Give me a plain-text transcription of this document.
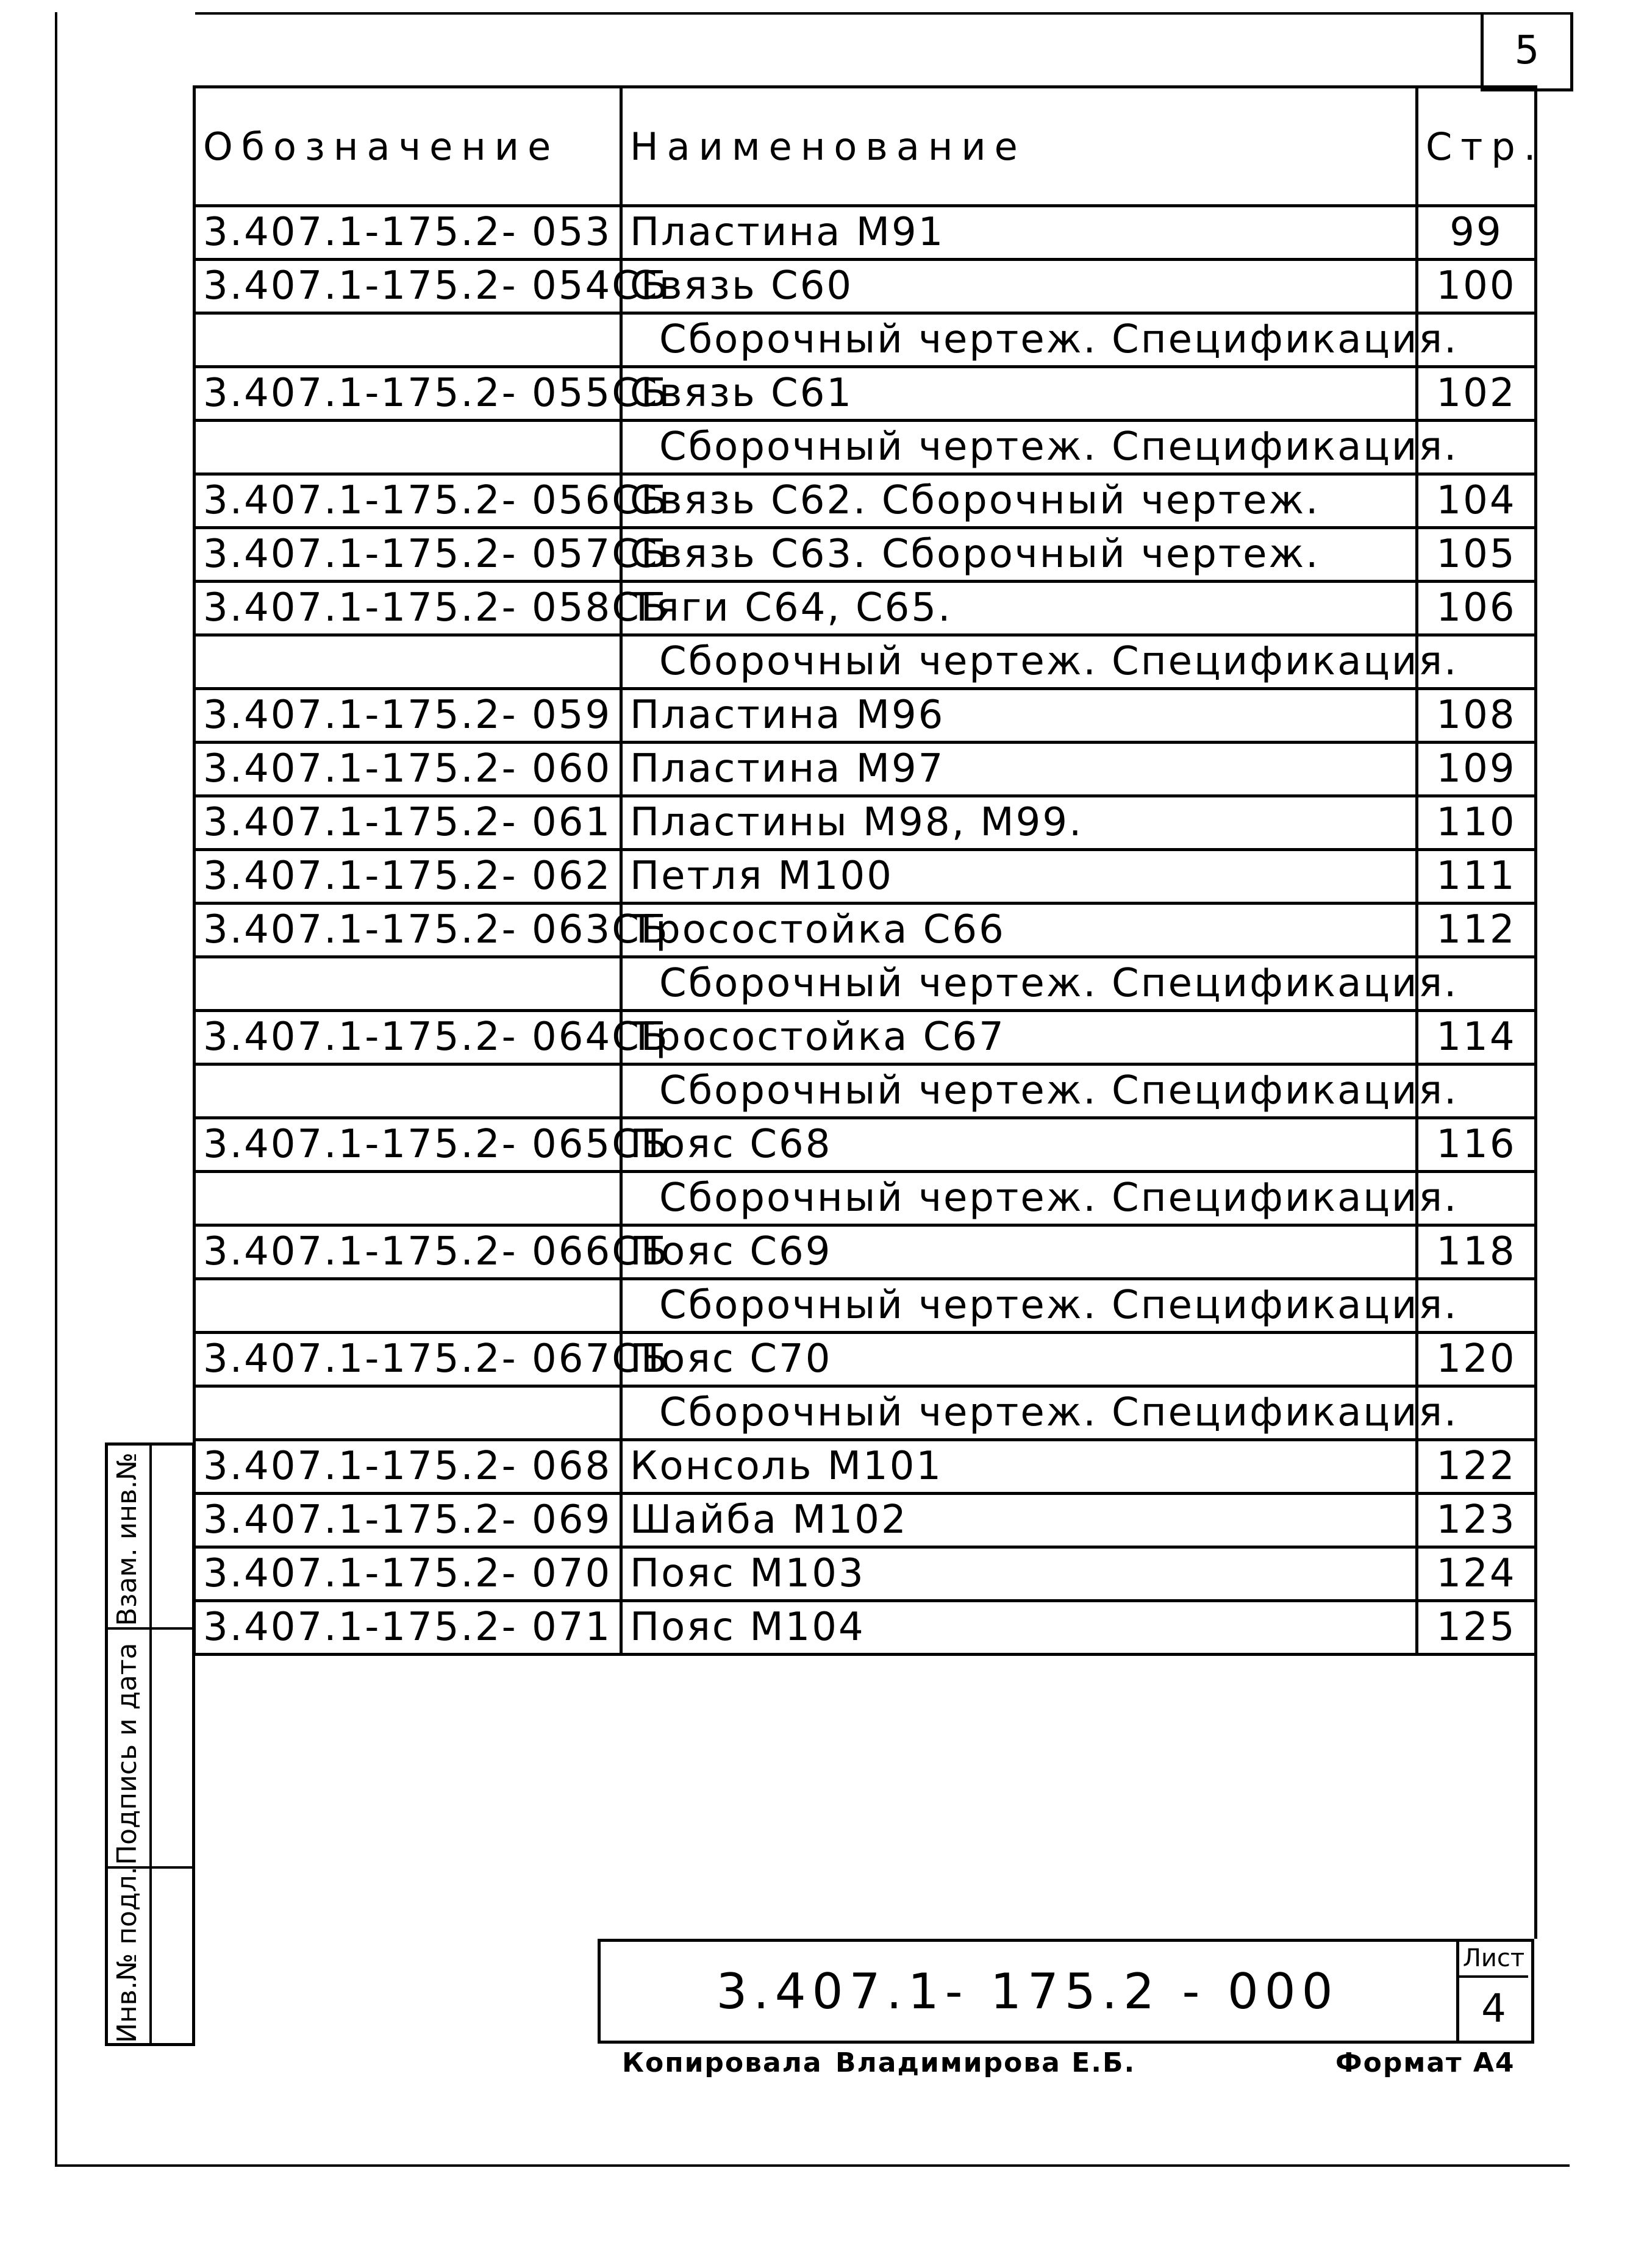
5
Обозначение	Наименование	Стр.
3.407.1-175.2- 053	Пластина М91	99
3.407.1-175.2- 054СБ	Связь С60	100
	Сборочный чертеж. Спецификация.	
3.407.1-175.2- 055СБ	Связь С61	102
	Сборочный чертеж. Спецификация.	
3.407.1-175.2- 056СБ	Связь С62. Сборочный чертеж.	104
3.407.1-175.2- 057СБ	Связь С63. Сборочный чертеж.	105
3.407.1-175.2- 058СБ	Тяги С64, С65.	106
	Сборочный чертеж. Спецификация.	
3.407.1-175.2- 059	Пластина М96	108
3.407.1-175.2- 060	Пластина М97	109
3.407.1-175.2- 061	Пластины М98, М99.	110
3.407.1-175.2- 062	Петля М100	111
3.407.1-175.2- 063СБ	Тросостойка С66	112
	Сборочный чертеж. Спецификация.	
3.407.1-175.2- 064СБ	Тросостойка С67	114
	Сборочный чертеж. Спецификация.	
3.407.1-175.2- 065СБ	Пояс С68	116
	Сборочный чертеж. Спецификация.	
3.407.1-175.2- 066СБ	Пояс С69	118
	Сборочный чертеж. Спецификация.	
3.407.1-175.2- 067СБ	Пояс С70	120
	Сборочный чертеж. Спецификация.	
3.407.1-175.2- 068	Консоль М101	122
3.407.1-175.2- 069	Шайба М102	123
3.407.1-175.2- 070	Пояс М103	124
3.407.1-175.2- 071	Пояс М104	125
Инв.№ подл.
Подпись и дата
Взам. инв.№
3.407.1- 175.2 - 000
Лист
4
Копировала Владимирова Е.Б.	Формат А4
